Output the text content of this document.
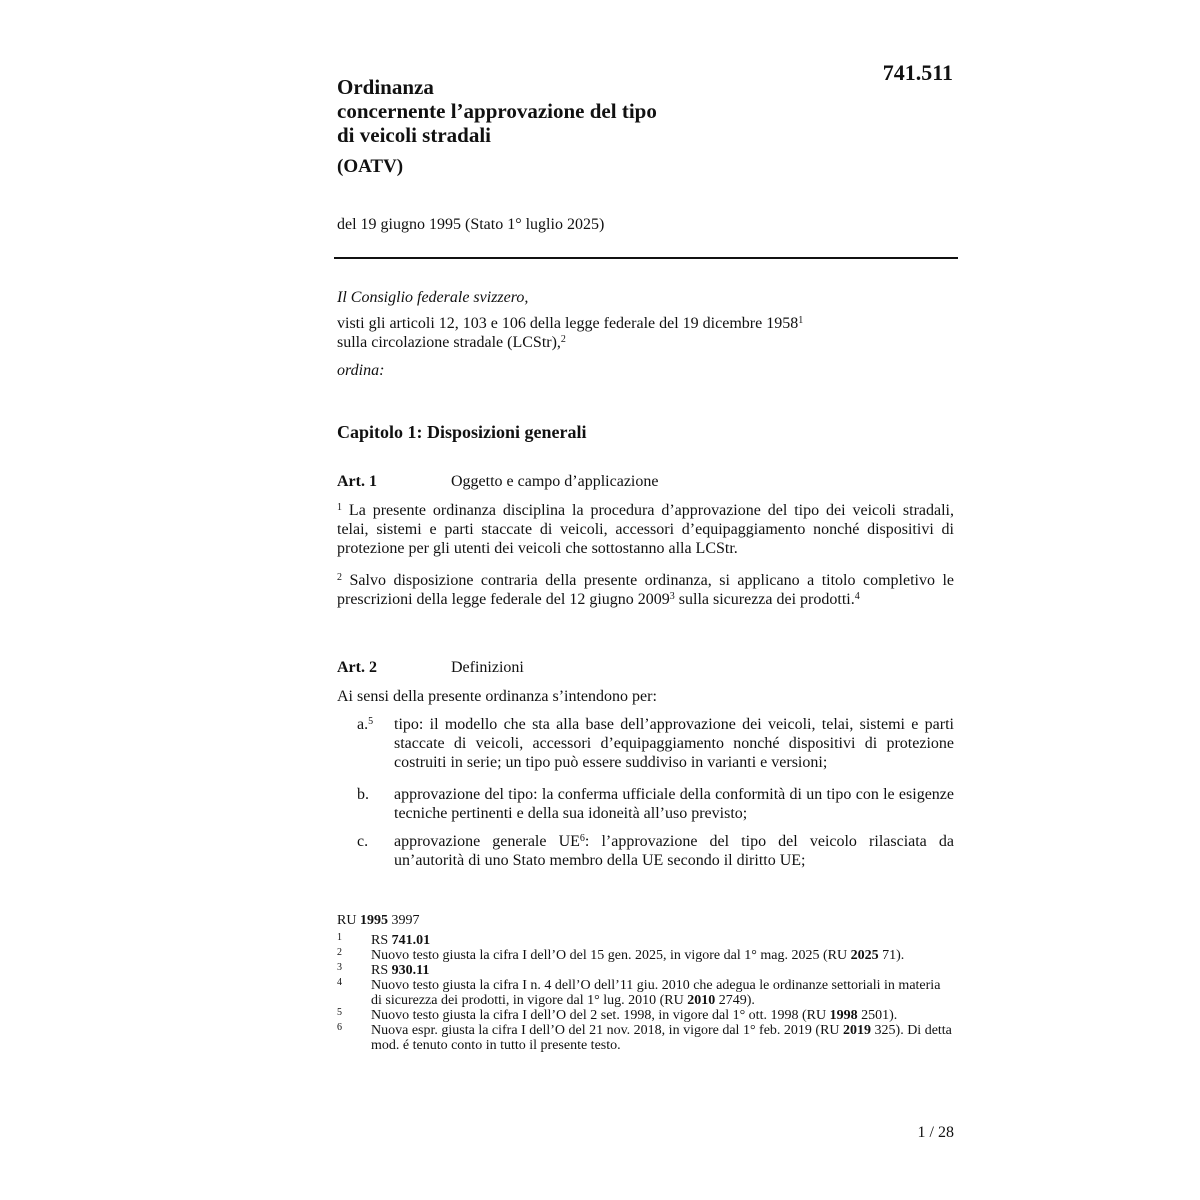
741.511
Ordinanza
concernente l’approvazione del tipo
di veicoli stradali
(OATV)
del 19 giugno 1995 (Stato 1° luglio 2025)
Il Consiglio federale svizzero,
visti gli articoli 12, 103 e 106 della legge federale del 19 dicembre 1958$^1$
sulla circolazione stradale (LCStr),$^2$
ordina:
Capitolo 1: Disposizioni generali
Art. 1	Oggetto e campo d’applicazione
$^1$ La presente ordinanza disciplina la procedura d’approvazione del tipo dei veicoli stradali, telai, sistemi e parti staccate di veicoli, accessori d’equipaggiamento nonché dispositivi di protezione per gli utenti dei veicoli che sottostanno alla LCStr.
$^2$ Salvo disposizione contraria della presente ordinanza, si applicano a titolo completivo le prescrizioni della legge federale del 12 giugno 2009$^3$ sulla sicurezza dei prodotti.$^4$
Art. 2	Definizioni
Ai sensi della presente ordinanza s’intendono per:
a.$^5$	tipo: il modello che sta alla base dell’approvazione dei veicoli, telai, sistemi e parti staccate di veicoli, accessori d’equipaggiamento nonché dispositivi di protezione costruiti in serie; un tipo può essere suddiviso in varianti e versioni;
b.	approvazione del tipo: la conferma ufficiale della conformità di un tipo con le esigenze tecniche pertinenti e della sua idoneità all’uso previsto;
c.	approvazione generale $UE^6$: l’approvazione del tipo del veicolo rilasciata da un’autorità di uno Stato membro della UE secondo il diritto UE;
RU 1995 3997
1 RS 741.01
2 Nuovo testo giusta la cifra I dell’O del 15 gen. 2025, in vigore dal 1° mag. 2025 (RU 2025 71).
3 RS 930.11
4 Nuovo testo giusta la cifra I n. 4 dell’O dell’11 giu. 2010 che adegua le ordinanze settoriali in materia di sicurezza dei prodotti, in vigore dal 1° lug. 2010 (RU 2010 2749).
5 Nuovo testo giusta la cifra I dell’O del 2 set. 1998, in vigore dal 1° ott. 1998 (RU 1998 2501).
6 Nuova espr. giusta la cifra I dell’O del 21 nov. 2018, in vigore dal 1° feb. 2019 (RU 2019 325). Di detta mod. é tenuto conto in tutto il presente testo.
1 / 28
